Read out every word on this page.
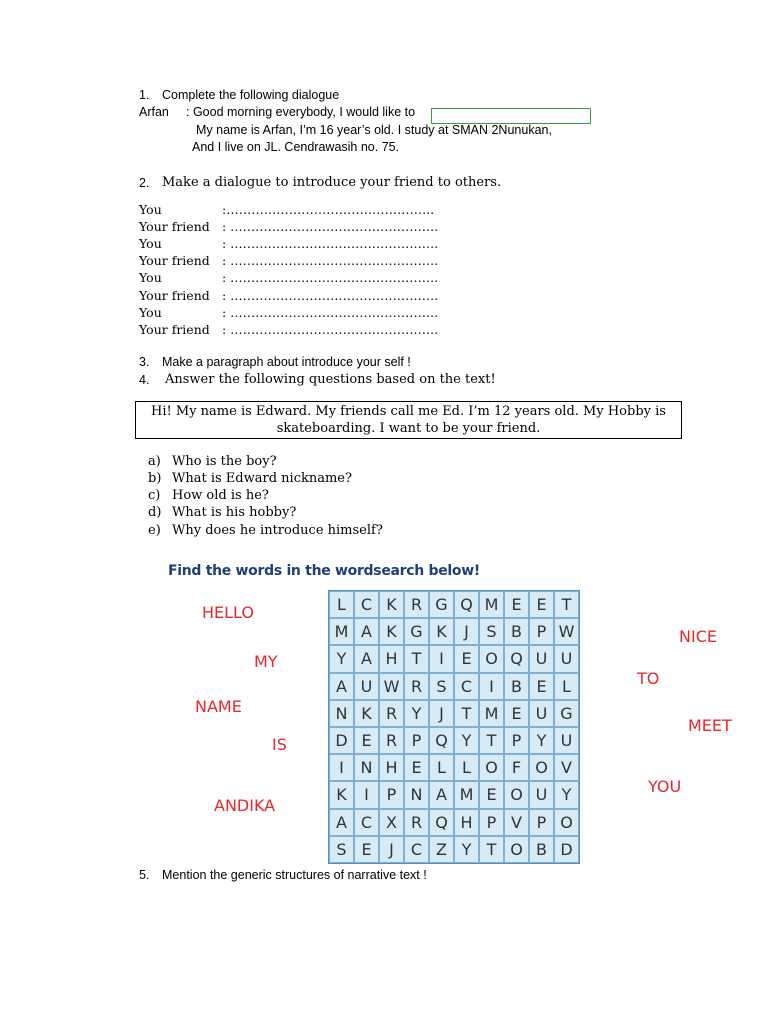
1. Complete the following dialogue
Arfan : Good morning everybody, I would like to
My name is Arfan, I’m 16 year’s old. I study at SMAN 2Nunukan,
And I live on JL. Cendrawasih no. 75.
2. Make a dialogue to introduce your friend to others.
You	:…………………………………………..
Your friend : …………………………………………..
You	: …………………………………………..
Your friend : …………………………………………..
You	: …………………………………………..
Your friend : …………………………………………..
You	: …………………………………………..
Your friend : …………………………………………..
3. Make a paragraph about introduce your self !
4. Answer the following questions based on the text!
Hi! My name is Edward. My friends call me Ed. I’m 12 years old. My Hobby is
skateboarding. I want to be your friend.
a) Who is the boy?
b) What is Edward nickname?
c) How old is he?
d) What is his hobby?
e) Why does he introduce himself?
Find the words in the wordsearch below!
HELLO
MY
NAME
IS
ANDIKA
NICE
TO
MEET
YOU
L C K R G Q M E E T
M A K G K	J	S B P W
Y A H T	I	E O Q U U
A U W R S C	I	B E L
N K R Y	J	T M E U G
D E R P Q Y T P Y U
I	N H E L	L O F O V
K	I	P N A M E O U Y
A C X R Q H P V P O
S E	J	C Z Y T O B D
5. Mention the generic structures of narrative text !
